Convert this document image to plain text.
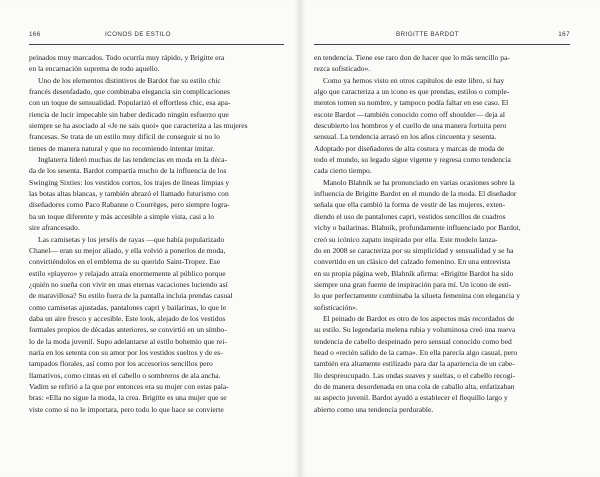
166	ICONOS DE ESTILO
peinados muy marcados. Todo ocurría muy rápido, y Brigitte era
en la encarnación suprema de todo aquello.
Uno de los elementos distintivos de Bardot fue su estilo chic
francés desenfadado, que combinaba elegancia sin complicaciones
con un toque de sensualidad. Popularizó el effortless chic, esa apa-
riencia de lucir impecable sin haber dedicado ningún esfuerzo que
siempre se ha asociado al «Je ne sais quoi» que caracteriza a las mujeres
francesas. Se trata de un estilo muy difícil de conseguir si no lo
tienes de manera natural y que no recomiendo intentar imitar.
Inglaterra lideró muchas de las tendencias en moda en la déca-
da de los sesenta. Bardot compartía mucho de la influencia de los
Swinging Sixties: los vestidos cortos, los trajes de líneas limpias y
las botas altas blancas, y también abrazó el llamado futurismo con
diseñadores como Paco Rabanne o Courrèges, pero siempre logra-
ba un toque diferente y más accesible a simple vista, casi a lo
sire afrancesado.
Las camisetas y los jerséis de rayas —que había popularizado
Chanel— eran su mejor aliado, y ella volvió a ponerlos de moda,
convirtiéndolos en el emblema de su querido Saint-Tropez. Ese
estilo «playero» y relajado atraía enormemente al público porque
¿quién no sueña con vivir en unas eternas vacaciones luciendo así
de maravillosa? Su estilo fuera de la pantalla incluía prendas casual
como camisetas ajustadas, pantalones capri y bailarinas, lo que le
daba un aire fresco y accesible. Este look, alejado de los vestidos
formales propios de décadas anteriores, se convirtió en un símbo-
lo de la moda juvenil. Supo adelantarse al estilo bohemio que rei-
naría en los setenta con su amor por los vestidos sueltos y de es-
tampados florales, así como por los accesorios sencillos pero
llamativos, como cintas en el cabello o sombreros de ala ancha.
Vadim se refirió a la que por entonces era su mujer con estas pala-
bras: «Ella no sigue la moda, la crea. Brigitte es una mujer que se
viste como si no le importara, pero todo lo que hace se convierte
BRIGITTE BARDOT	167
en tendencia. Tiene ese raro don de hacer que lo más sencillo pa-
rezca sofisticado».
Como ya hemos visto en otros capítulos de este libro, si hay
algo que caracteriza a un icono es que prendas, estilos o comple-
mentos tomen su nombre, y tampoco podía faltar en ese caso. El
escote Bardot —también conocido como off shoulder— deja al
descubierto los hombros y el cuello de una manera fortuita pero
sensual. La tendencia arrasó en los años cincuenta y sesenta.
Adoptado por diseñadores de alta costura y marcas de moda de
todo el mundo, su legado sigue vigente y regresa como tendencia
cada cierto tiempo.
Manolo Blahník se ha pronunciado en varias ocasiones sobre la
influencia de Brigitte Bardot en el mundo de la moda. El diseñador
señala que ella cambió la forma de vestir de las mujeres, exten-
diendo el uso de pantalones capri, vestidos sencillos de cuadros
vichy o bailarinas. Blahník, profundamente influenciado por Bardot,
creó su icónico zapato inspirado por ella. Este modelo lanza-
do en 2008 se caracteriza por su simplicidad y sensualidad y se ha
convertido en un clásico del calzado femenino. En una entrevista
en su propia página web, Blahník afirma: «Brigitte Bardot ha sido
siempre una gran fuente de inspiración para mí. Un icono de esti-
lo que perfectamente combinaba la silueta femenina con elegancia y
sofisticación».
El peinado de Bardot es otro de los aspectos más recordados de
su estilo. Su legendaria melena rubia y voluminosa creó una nueva
tendencia de cabello despeinado pero sensual conocido como bed
head o «recién salido de la cama». En ella parecía algo casual, pero
también era altamente estilizado para dar la apariencia de un cabe-
llo despreocupado. Las ondas suaves y sueltas, o el cabello recogi-
do de manera desordenada en una cola de caballo alta, enfatizaban
su aspecto juvenil. Bardot ayudó a establecer el flequillo largo y
abierto como una tendencia perdurable.
